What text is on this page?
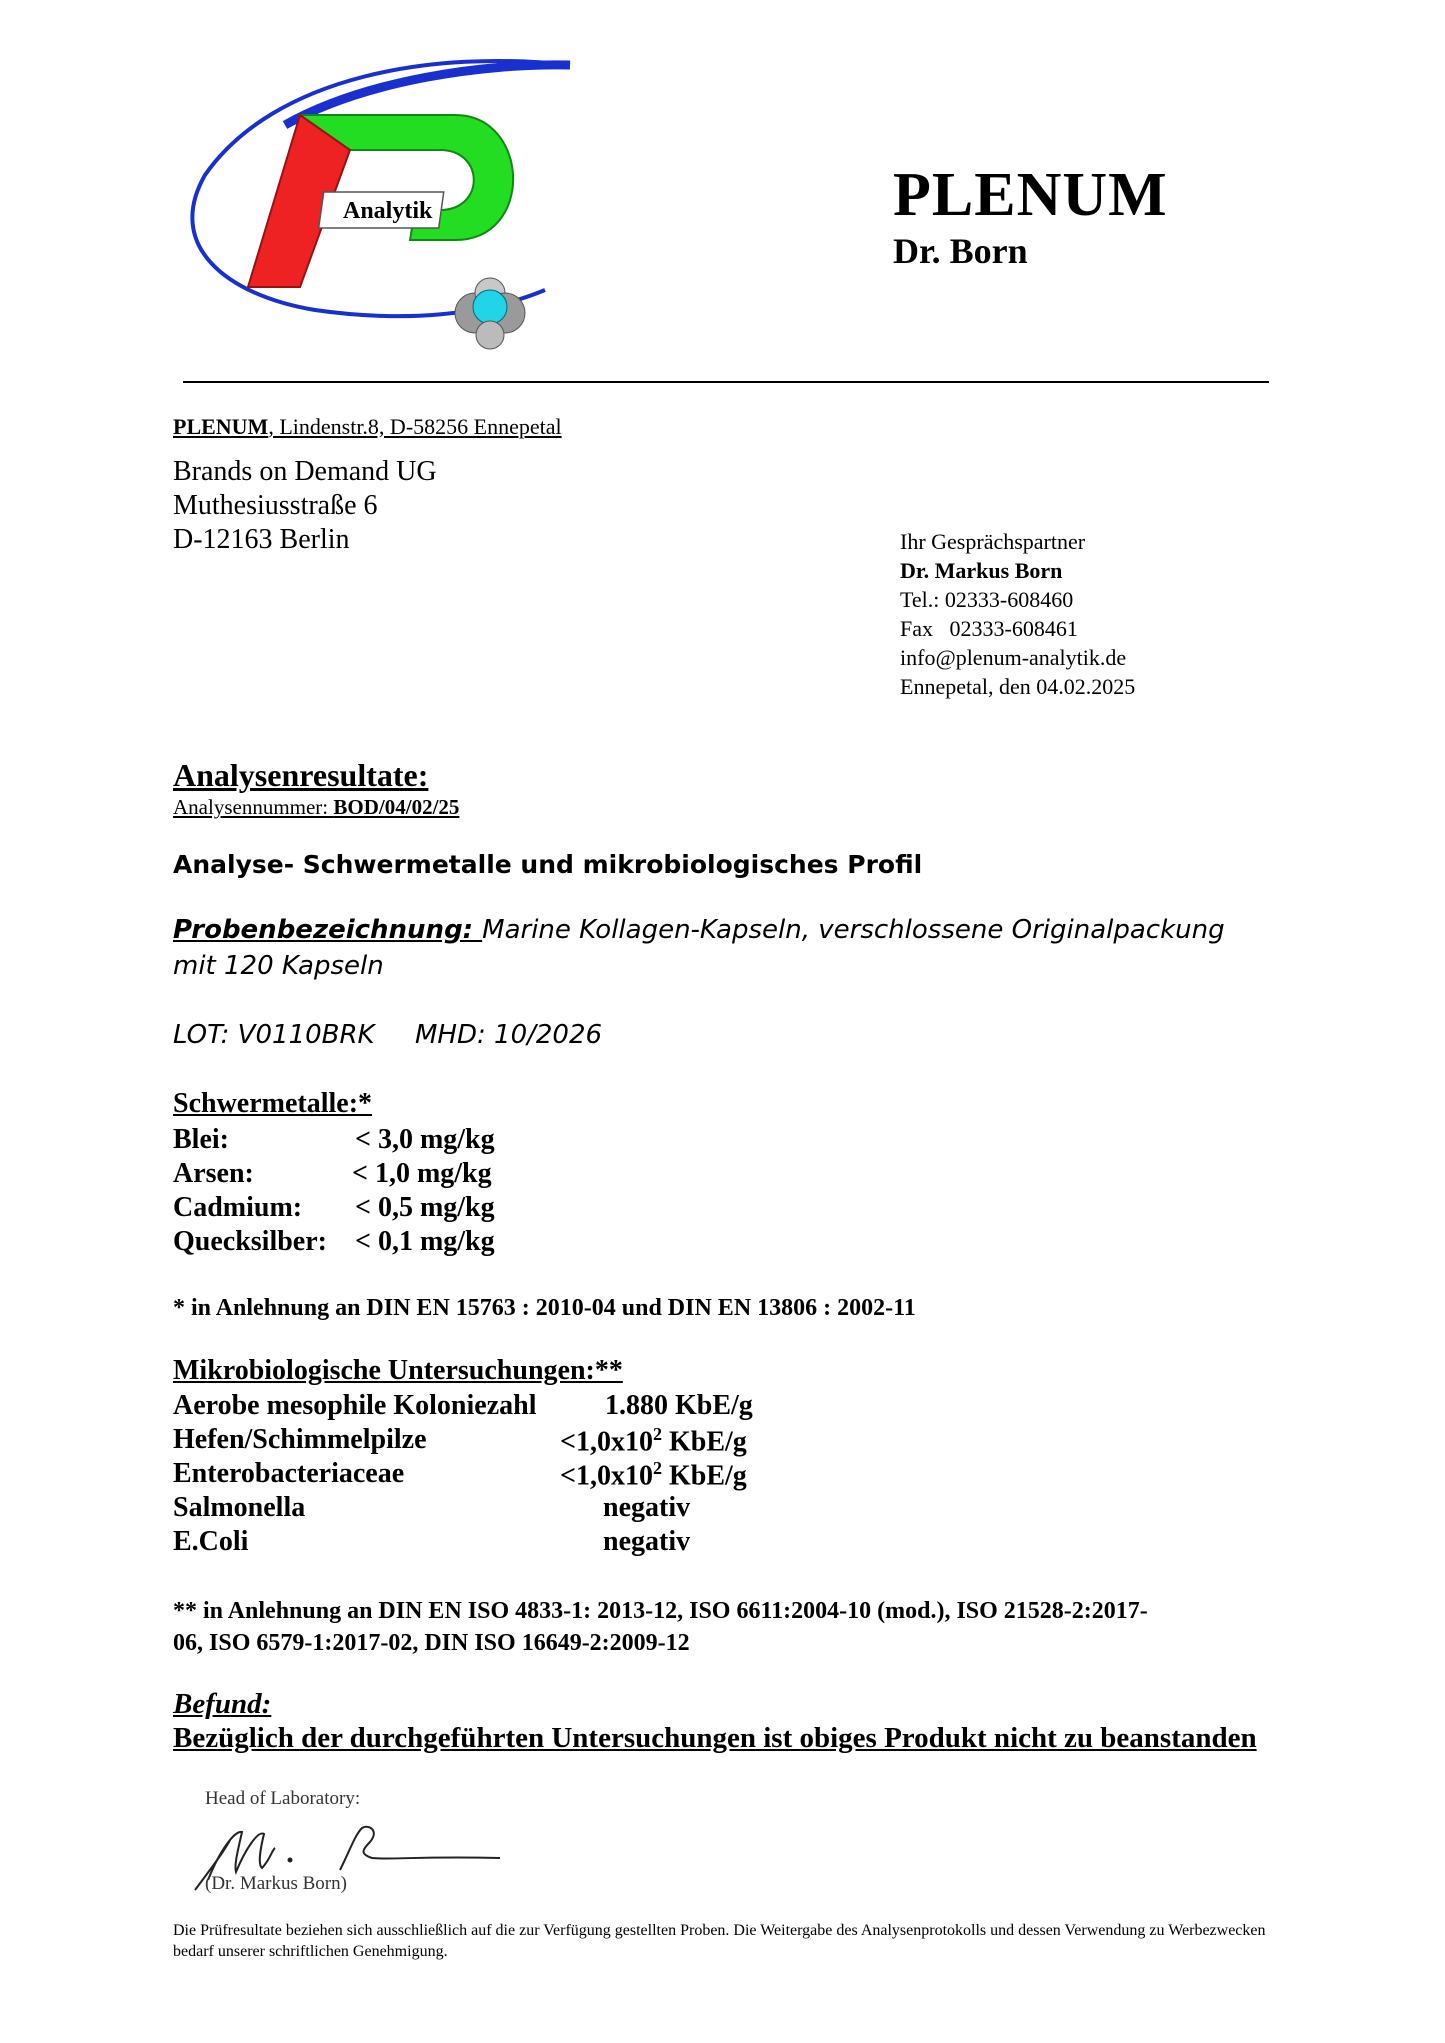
Analytik	PLENUM
Dr. Born
PLENUM, Lindenstr.8, D-58256 Ennepetal
Brands on Demand UG
Muthesiusstraße 6
D-12163 Berlin	Ihr Gesprächspartner
Dr. Markus Born
Tel.: 02333-608460
Fax   02333-608461
info@plenum-analytik.de
Ennepetal, den 04.02.2025
Analysenresultate:
Analysennummer: BOD/04/02/25
Analyse- Schwermetalle und mikrobiologisches Profil
Probenbezeichnung: Marine Kollagen-Kapseln, verschlossene Originalpackung mit 120 Kapseln
LOT: V0110BRK MHD: 10/2026
Schwermetalle:*
Blei:	< 3,0 mg/kg
Arsen:	< 1,0 mg/kg
Cadmium: < 0,5 mg/kg
Quecksilber: < 0,1 mg/kg
* in Anlehnung an DIN EN 15763 : 2010-04 und DIN EN 13806 : 2002-11
Mikrobiologische Untersuchungen:**
Aerobe mesophile Koloniezahl 1.880 KbE/g
Hefen/Schimmelpilze	$<1,0x10^2$ KbE/g
Enterobacteriaceae	$<1,0x10^2$ KbE/g
Salmonella	negativ
E.Coli	negativ
** in Anlehnung an DIN EN ISO 4833-1: 2013-12, ISO 6611:2004-10 (mod.), ISO 21528-2:2017-
06, ISO 6579-1:2017-02, DIN ISO 16649-2:2009-12
Befund:
Bezüglich der durchgeführten Untersuchungen ist obiges Produkt nicht zu beanstanden
Head of Laboratory:
(Dr. Markus Born)
Die Prüfresultate beziehen sich ausschließlich auf die zur Verfügung gestellten Proben. Die Weitergabe des Analysenprotokolls und dessen Verwendung zu Werbezwecken bedarf unserer schriftlichen Genehmigung.
